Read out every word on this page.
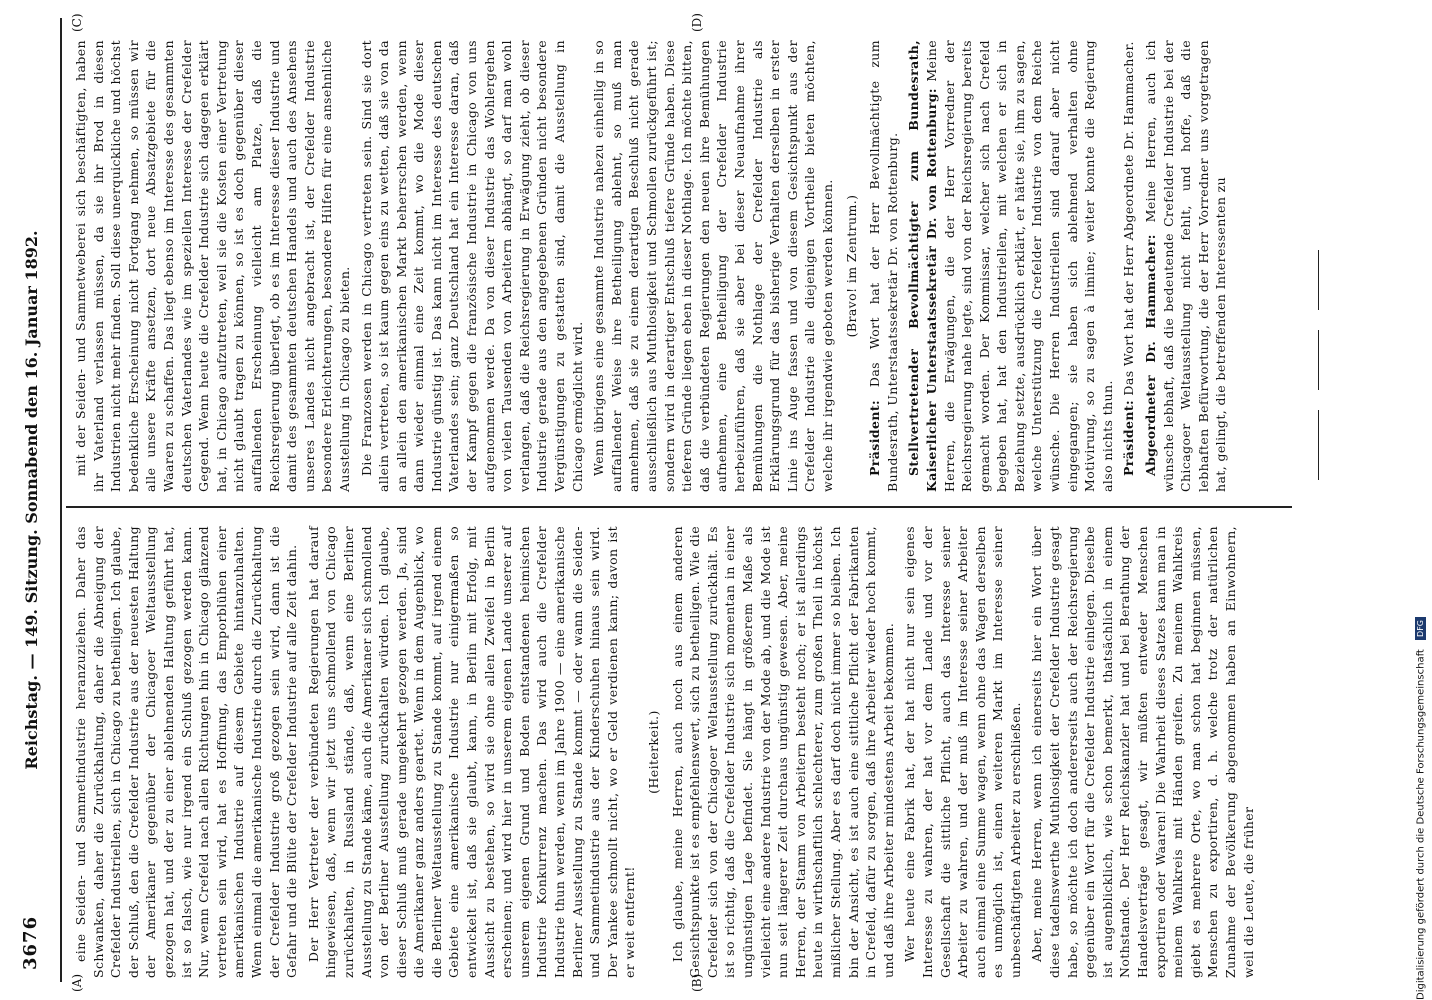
3676
Reichstag. — 149. Sitzung. Sonnabend den 16. Januar 1892.
(A)	(B)
(C)	(D)

eine Seiden- und Sammetindustrie heranzuziehen. Daher das Schwanken, daher die Zurückhaltung, daher die Abneigung der Crefelder Industriellen, sich in Chicago zu betheiligen. Ich glaube, der Schluß, den die Crefelder Industrie aus der neuesten Haltung der Amerikaner gegenüber der Chicagoer Weltausstellung gezogen hat, und der zu einer ablehnenden Haltung geführt hat, ist so falsch, wie nur irgend ein Schluß gezogen werden kann. Nur, wenn Crefeld nach allen Richtungen hin in Chicago glänzend vertreten sein wird, hat es Hoffnung, das Emporblühen einer amerikanischen Industrie auf diesem Gebiete hintanzuhalten. Wenn einmal die amerikanische Industrie durch die Zurückhaltung der Crefelder Industrie groß gezogen sein wird, dann ist die Gefahr und die Blüte der Crefelder Industrie auf alle Zeit dahin. Der Herr Vertreter der verbündeten Regierungen hat darauf hingewiesen, daß, wenn wir jetzt uns schmollend von Chicago zurückhalten, in Russland stände, daß, wenn eine Berliner Ausstellung zu Stande käme, auch die Amerikaner sich schmollend von der Berliner Ausstellung zurückhalten würden. Ich glaube, dieser Schluß muß gerade umgekehrt gezogen werden. Ja, sind die Amerikaner ganz anders geartet. Wenn in dem Augenblick, wo die Berliner Weltausstellung zu Stande kommt, auf irgend einem Gebiete eine amerikanische Industrie nur einigermaßen so entwickelt ist, daß sie glaubt, kann, in Berlin mit Erfolg, mit Aussicht zu bestehen, so wird sie ohne allen Zweifel in Berlin erscheinen; und wird hier in unserem eigenen Lande unserer auf unserem eigenen Grund und Boden entstandenen heimischen Industrie Konkurrenz machen. Das wird auch die Crefelder Industrie thun werden, wenn im Jahre 1900 — eine amerikanische Berliner Ausstellung zu Stande kommt — oder wann die Seiden- und Sammetindustrie aus der Kinderschuhen hinaus sein wird. Der Yankee schmollt nicht, wo er Geld verdienen kann; davon ist er weit entfernt!

(Heiterkeit.) Ich glaube, meine Herren, auch noch aus einem anderen Gesichtspunkte ist es empfehlenswert, sich zu betheiligen. Wie die Crefelder sich von der Chicagoer Weltausstellung zurückhält. Es ist so richtig, daß die Crefelder Industrie sich momentan in einer ungünstigen Lage befindet. Sie hängt in größerem Maße als vielleicht eine andere Industrie von der Mode ab, und die Mode ist nun seit längerer Zeit durchaus ungünstig gewesen. Aber, meine Herren, der Stamm von Arbeitern besteht noch; er ist allerdings heute in wirthschaftlich schlechterer, zum großen Theil in höchst mißlicher Stellung. Aber es darf doch nicht immer so bleiben. Ich bin der Ansicht, es ist auch eine sittliche Pflicht der Fabrikanten in Crefeld, dafür zu sorgen, daß ihre Arbeiter wieder hoch kommt, und daß ihre Arbeiter mindestens Arbeit bekommen. Wer heute eine Fabrik hat, der hat nicht nur sein eigenes Interesse zu wahren, der hat vor dem Lande und vor der Gesellschaft die sittliche Pflicht, auch das Interesse seiner Arbeiter zu wahren, und der muß im Interesse seiner Arbeiter auch einmal eine Summe wagen, wenn ohne das Wagen derselben es unmöglich ist, einen weiteren Markt im Interesse seiner unbeschäftigten Arbeiter zu erschließen. Aber, meine Herren, wenn ich einerseits hier ein Wort über diese tadelnswerthe Muthlosigkeit der Crefelder Industrie gesagt habe, so möchte ich doch andererseits auch der Reichsregierung gegenüber ein Wort für die Crefelder Industrie einlegen. Dieselbe ist augenblicklich, wie schon bemerkt, thatsächlich in einem Nothstande. Der Herr Reichskanzler hat und bei Berathung der Handelsverträge gesagt, wir müßten entweder Menschen exportiren oder Waaren! Die Wahrheit dieses Satzes kann man in meinem Wahlkreis mit Händen greifen. Zu meinem Wahlkreis giebt es mehrere Orte, wo man schon hat beginnen müssen, Menschen zu exportiren, d. h. welche trotz der natürlichen Zunahme der Bevölkerung abgenommen haben an Einwohnern, weil die Leute, die früher

mit der Seiden- und Sammetweberei sich beschäftigten, haben ihr Vaterland verlassen müssen, da sie ihr Brod in diesen Industrien nicht mehr finden. Soll diese unerquickliche und höchst bedenkliche Erscheinung nicht Fortgang nehmen, so müssen wir alle unsere Kräfte ansetzen, dort neue Absatzgebiete für die Waaren zu schaffen. Das liegt ebenso im Interesse des gesammten deutschen Vaterlandes wie im speziellen Interesse der Crefelder Gegend. Wenn heute die Crefelder Industrie sich dagegen erklärt hat, in Chicago aufzutreten, weil sie die Kosten einer Vertretung nicht glaubt tragen zu können, so ist es doch gegenüber dieser auffallenden Erscheinung vielleicht am Platze, daß die Reichsregierung überlegt, ob es im Interesse dieser Industrie und damit des gesammten deutschen Handels und auch des Ansehens unseres Landes nicht angebracht ist, der Crefelder Industrie besondere Erleichterungen, besondere Hilfen für eine ansehnliche Ausstellung in Chicago zu bieten. Die Franzosen werden in Chicago vertreten sein. Sind sie dort allein vertreten, so ist kaum gegen eins zu wetten, daß sie von da an allein den amerikanischen Markt beherrschen werden, wenn dann wieder einmal eine Zeit kommt, wo die Mode dieser Industrie günstig ist. Das kann nicht im Interesse des deutschen Vaterlandes sein; ganz Deutschland hat ein Interesse daran, daß der Kampf gegen die französische Industrie in Chicago von uns aufgenommen werde. Da von dieser Industrie das Wohlergehen von vielen Tausenden von Arbeitern abhängt, so darf man wohl verlangen, daß die Reichsregierung in Erwägung zieht, ob dieser Industrie gerade aus den angegebenen Gründen nicht besondere Vergünstigungen zu gestatten sind, damit die Ausstellung in Chicago ermöglicht wird. Wenn übrigens eine gesammte Industrie nahezu einhellig in so auffallender Weise ihre Betheiligung ablehnt, so muß man annehmen, daß sie zu einem derartigen Beschluß nicht gerade ausschließlich aus Muthlosigkeit und Schmollen zurückgeführt ist; sondern wird in derartiger Entschluß tiefere Gründe haben. Diese tieferen Gründe liegen eben in dieser Nothlage. Ich möchte bitten, daß die verbündeten Regierungen den neuen ihre Bemühungen aufnehmen, eine Betheiligung der Crefelder Industrie herbeizuführen, daß sie aber bei dieser Neuaufnahme ihrer Bemühungen die Nothlage der Crefelder Industrie als Erklärungsgrund für das bisherige Verhalten derselben in erster Linie ins Auge fassen und von diesem Gesichtspunkt aus der Crefelder Industrie alle diejenigen Vortheile bieten möchten, welche ihr irgendwie geboten werden können. (Bravo! im Zentrum.)

Präsident: Das Wort hat der Herr Bevollmächtigte zum Bundesrath, Unterstaatssekretär Dr. von Rottenburg. Stellvertretender Bevollmächtigter zum Bundesrath, Kaiserlicher Unterstaatssekretär Dr. von Rottenburg: Meine Herren, die Erwägungen, die der Herr Vorredner der Reichsregierung nahe legte, sind von der Reichsregierung bereits gemacht worden. Der Kommissar, welcher sich nach Crefeld begeben hat, hat den Industriellen, mit welchen er sich in Beziehung setzte, ausdrücklich erklärt, er hätte sie, ihm zu sagen, welche Unterstützung die Crefelder Industrie von dem Reiche wünsche. Die Herren Industriellen sind darauf aber nicht eingegangen; sie haben sich ablehnend verhalten ohne Motivirung, so zu sagen à limine; weiter konnte die Regierung also nichts thun. Präsident: Das Wort hat der Herr Abgeordnete Dr. Hammacher. Abgeordneter Dr. Hammacher: Meine Herren, auch ich wünsche lebhaft, daß die bedeutende Crefelder Industrie bei der Chicagoer Weltausstellung nicht fehlt, und hoffe, daß die lebhaften Befürwortung, die der Herr Vorredner uns vorgetragen hat, gelingt, die betreffenden Interessenten zu

Digitalisierung gefördert durch die Deutsche Forschungsgemeinschaft DFG
